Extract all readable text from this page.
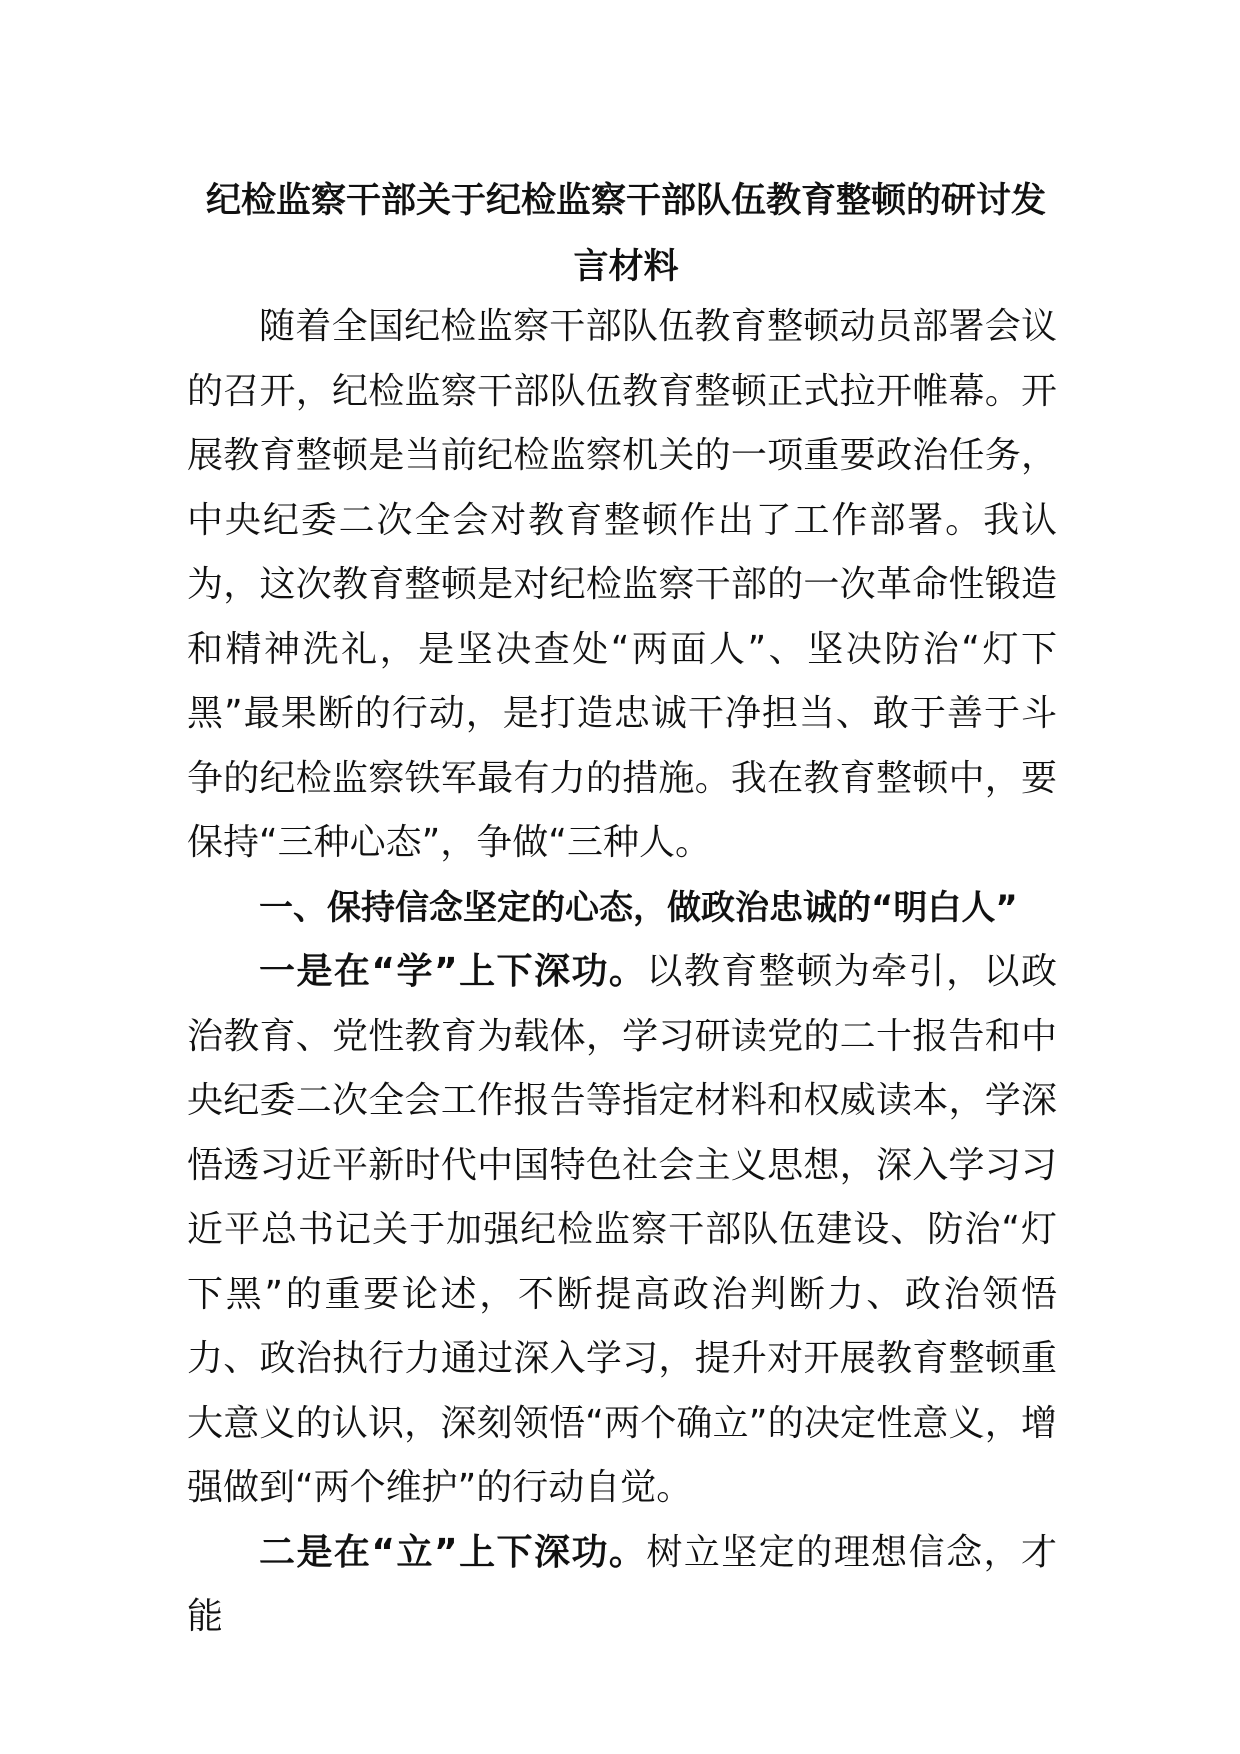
纪检监察干部关于纪检监察干部队伍教育整顿的研讨发言材料

随着全国纪检监察干部队伍教育整顿动员部署会议的召开，纪检监察干部队伍教育整顿正式拉开帷幕。开展教育整顿是当前纪检监察机关的一项重要政治任务，中央纪委二次全会对教育整顿作出了工作部署。我认为，这次教育整顿是对纪检监察干部的一次革命性锻造和精神洗礼，是坚决查处“两面人”、坚决防治“灯下黑”最果断的行动，是打造忠诚干净担当、敢于善于斗争的纪检监察铁军最有力的措施。我在教育整顿中，要保持“三种心态”，争做“三种人。

一、保持信念坚定的心态，做政治忠诚的“明白人”

一是在“学”上下深功。以教育整顿为牵引，以政治教育、党性教育为载体，学习研读党的二十报告和中央纪委二次全会工作报告等指定材料和权威读本，学深悟透习近平新时代中国特色社会主义思想，深入学习习近平总书记关于加强纪检监察干部队伍建设、防治“灯下黑”的重要论述，不断提高政治判断力、政治领悟力、政治执行力通过深入学习，提升对开展教育整顿重大意义的认识，深刻领悟“两个确立”的决定性意义，增强做到“两个维护”的行动自觉。

二是在“立”上下深功。树立坚定的理想信念，才能
